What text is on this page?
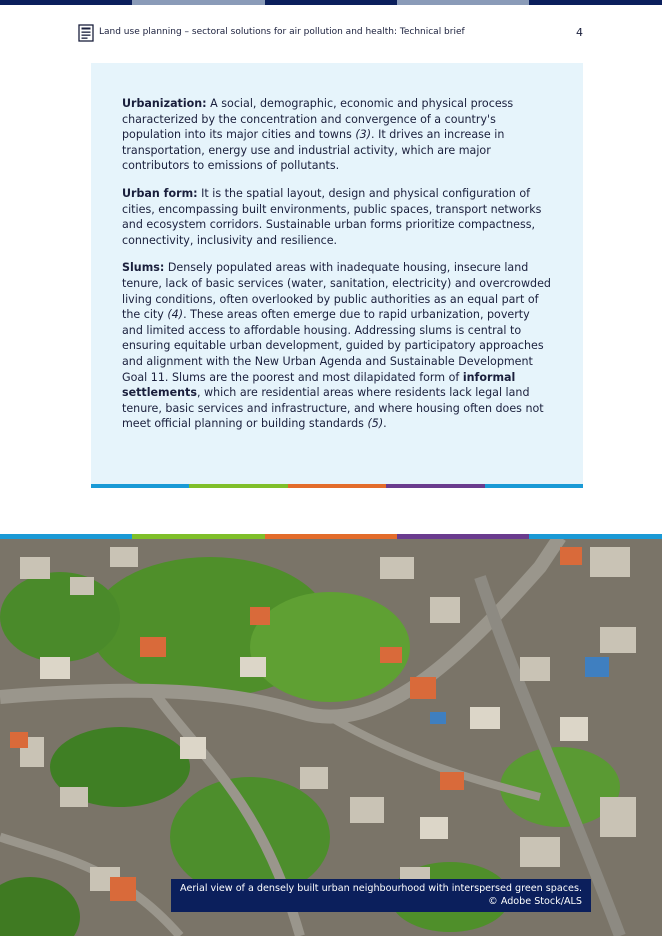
Land use planning – sectoral solutions for air pollution and health: Technical brief	4

Urbanization: A social, demographic, economic and physical process characterized by the concentration and convergence of a country's population into its major cities and towns (3). It drives an increase in transportation, energy use and industrial activity, which are major contributors to emissions of pollutants.

Urban form: It is the spatial layout, design and physical configuration of cities, encompassing built environments, public spaces, transport networks and ecosystem corridors. Sustainable urban forms prioritize compactness, connectivity, inclusivity and resilience.

Slums: Densely populated areas with inadequate housing, insecure land tenure, lack of basic services (water, sanitation, electricity) and overcrowded living conditions, often overlooked by public authorities as an equal part of the city (4). These areas often emerge due to rapid urbanization, poverty and limited access to affordable housing. Addressing slums is central to ensuring equitable urban development, guided by participatory approaches and alignment with the New Urban Agenda and Sustainable Development Goal 11. Slums are the poorest and most dilapidated form of informal settlements, which are residential areas where residents lack legal land tenure, basic services and infrastructure, and where housing often does not meet official planning or building standards (5).

Aerial view of a densely built urban neighbourhood with interspersed green spaces.
© Adobe Stock/ALS
